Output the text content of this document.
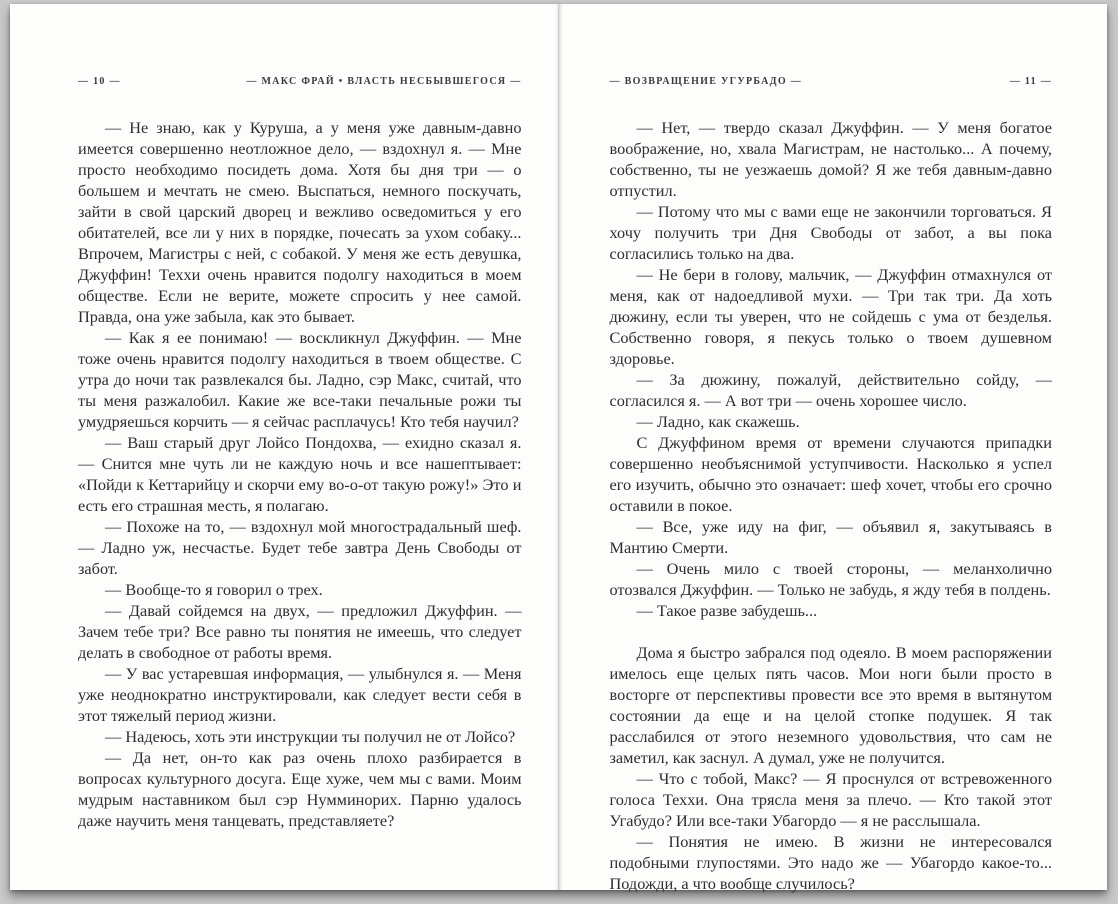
— 10 —	— МАКС ФРАЙ • ВЛАСТЬ НЕСБЫВШЕГОСЯ —

— Не знаю, как у Куруша, а у меня уже давным-давно имеется совершенно неотложное дело, — вздохнул я. — Мне просто необходимо посидеть дома. Хотя бы дня три — о большем и мечтать не смею. Выспаться, немного поскучать, зайти в свой царский дворец и вежливо осведомиться у его обитателей, все ли у них в порядке, почесать за ухом собаку... Впрочем, Магистры с ней, с собакой. У меня же есть девушка, Джуффин! Теххи очень нравится подолгу находиться в моем обществе. Если не верите, можете спросить у нее самой. Правда, она уже забыла, как это бывает.

— Как я ее понимаю! — воскликнул Джуффин. — Мне тоже очень нравится подолгу находиться в твоем обществе. С утра до ночи так развлекался бы. Ладно, сэр Макс, считай, что ты меня разжалобил. Какие же все-таки печальные рожи ты умудряешься корчить — я сейчас расплачусь! Кто тебя научил?

— Ваш старый друг Лойсо Пондохва, — ехидно сказал я. — Снится мне чуть ли не каждую ночь и все нашептывает: «Пойди к Кеттарийцу и скорчи ему во-о-от такую рожу!» Это и есть его страшная месть, я полагаю.

— Похоже на то, — вздохнул мой многострадальный шеф. — Ладно уж, несчастье. Будет тебе завтра День Свободы от забот.

— Вообще-то я говорил о трех.

— Давай сойдемся на двух, — предложил Джуффин. — Зачем тебе три? Все равно ты понятия не имеешь, что следует делать в свободное от работы время.

— У вас устаревшая информация, — улыбнулся я. — Меня уже неоднократно инструктировали, как следует вести себя в этот тяжелый период жизни.

— Надеюсь, хоть эти инструкции ты получил не от Лойсо?

— Да нет, он-то как раз очень плохо разбирается в вопросах культурного досуга. Еще хуже, чем мы с вами. Моим мудрым наставником был сэр Нумминорих. Парню удалось даже научить меня танцевать, представляете?

— ВОЗВРАЩЕНИЕ УГУРБАДО —	— 11 —

— Нет, — твердо сказал Джуффин. — У меня богатое воображение, но, хвала Магистрам, не настолько... А почему, собственно, ты не уезжаешь домой? Я же тебя давным-давно отпустил.

— Потому что мы с вами еще не закончили торговаться. Я хочу получить три Дня Свободы от забот, а вы пока согласились только на два.

— Не бери в голову, мальчик, — Джуффин отмахнулся от меня, как от надоедливой мухи. — Три так три. Да хоть дюжину, если ты уверен, что не сойдешь с ума от безделья. Собственно говоря, я пекусь только о твоем душевном здоровье.

— За дюжину, пожалуй, действительно сойду, — согласился я. — А вот три — очень хорошее число.

— Ладно, как скажешь.

С Джуффином время от времени случаются припадки совершенно необъяснимой уступчивости. Насколько я успел его изучить, обычно это означает: шеф хочет, чтобы его срочно оставили в покое.

— Все, уже иду на фиг, — объявил я, закутываясь в Мантию Смерти.

— Очень мило с твоей стороны, — меланхолично отозвался Джуффин. — Только не забудь, я жду тебя в полдень.

— Такое разве забудешь...

Дома я быстро забрался под одеяло. В моем распоряжении имелось еще целых пять часов. Мои ноги были просто в восторге от перспективы провести все это время в вытянутом состоянии да еще и на целой стопке подушек. Я так расслабился от этого неземного удовольствия, что сам не заметил, как заснул. А думал, уже не получится.

— Что с тобой, Макс? — Я проснулся от встревоженного голоса Теххи. Она трясла меня за плечо. — Кто такой этот Угабудо? Или все-таки Убагордо — я не расслышала.

— Понятия не имею. В жизни не интересовался подобными глупостями. Это надо же — Убагордо какое-то... Подожди, а что вообще случилось?
